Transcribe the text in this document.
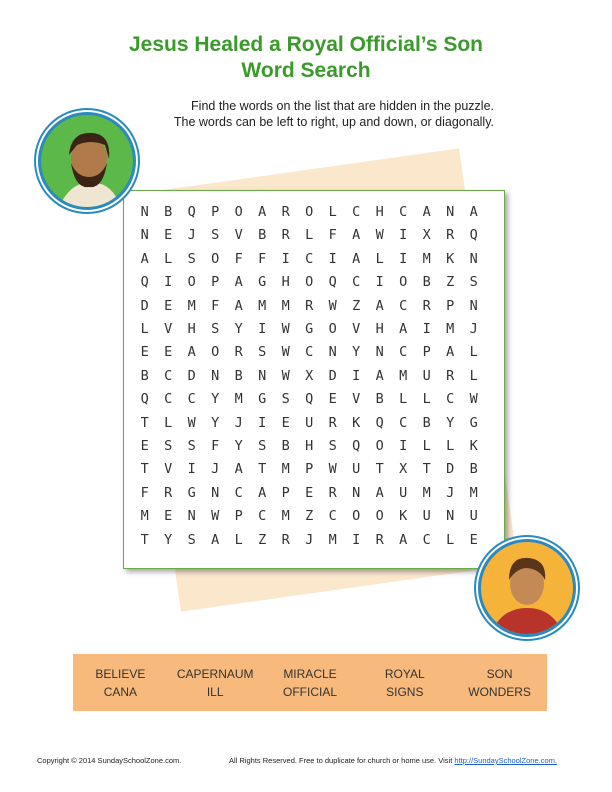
Jesus Healed a Royal Official’s Son
Word Search
Find the words on the list that are hidden in the puzzle.
The words can be left to right, up and down, or diagonally.
N	B	Q	P	O	A	R	O	L	C	H	C	A	N	A
N	E	J	S	V	B	R	L	F	A	W	I	X	R	Q
A	L	S	O	F	F	I	C	I	A	L	I	M	K	N
Q	I	O	P	A	G	H	O	Q	C	I	O	B	Z	S
D	E	M	F	A	M	M	R	W	Z	A	C	R	P	N
L	V	H	S	Y	I	W	G	O	V	H	A	I	M	J
E	E	A	O	R	S	W	C	N	Y	N	C	P	A	L
B	C	D	N	B	N	W	X	D	I	A	M	U	R	L
Q	C	C	Y	M	G	S	Q	E	V	B	L	L	C	W
T	L	W	Y	J	I	E	U	R	K	Q	C	B	Y	G
E	S	S	F	Y	S	B	H	S	Q	O	I	L	L	K
T	V	I	J	A	T	M	P	W	U	T	X	T	D	B
F	R	G	N	C	A	P	E	R	N	A	U	M	J	M
M	E	N	W	P	C	M	Z	C	O	O	K	U	N	U
T	Y	S	A	L	Z	R	J	M	I	R	A	C	L	E
BELIEVE	CAPERNAUM	MIRACLE	ROYAL	SON
CANA	ILL	OFFICIAL	SIGNS	WONDERS
Copyright © 2014 SundaySchoolZone.com.	All Rights Reserved. Free to duplicate for church or home use. Visit http://SundaySchoolZone.com.
